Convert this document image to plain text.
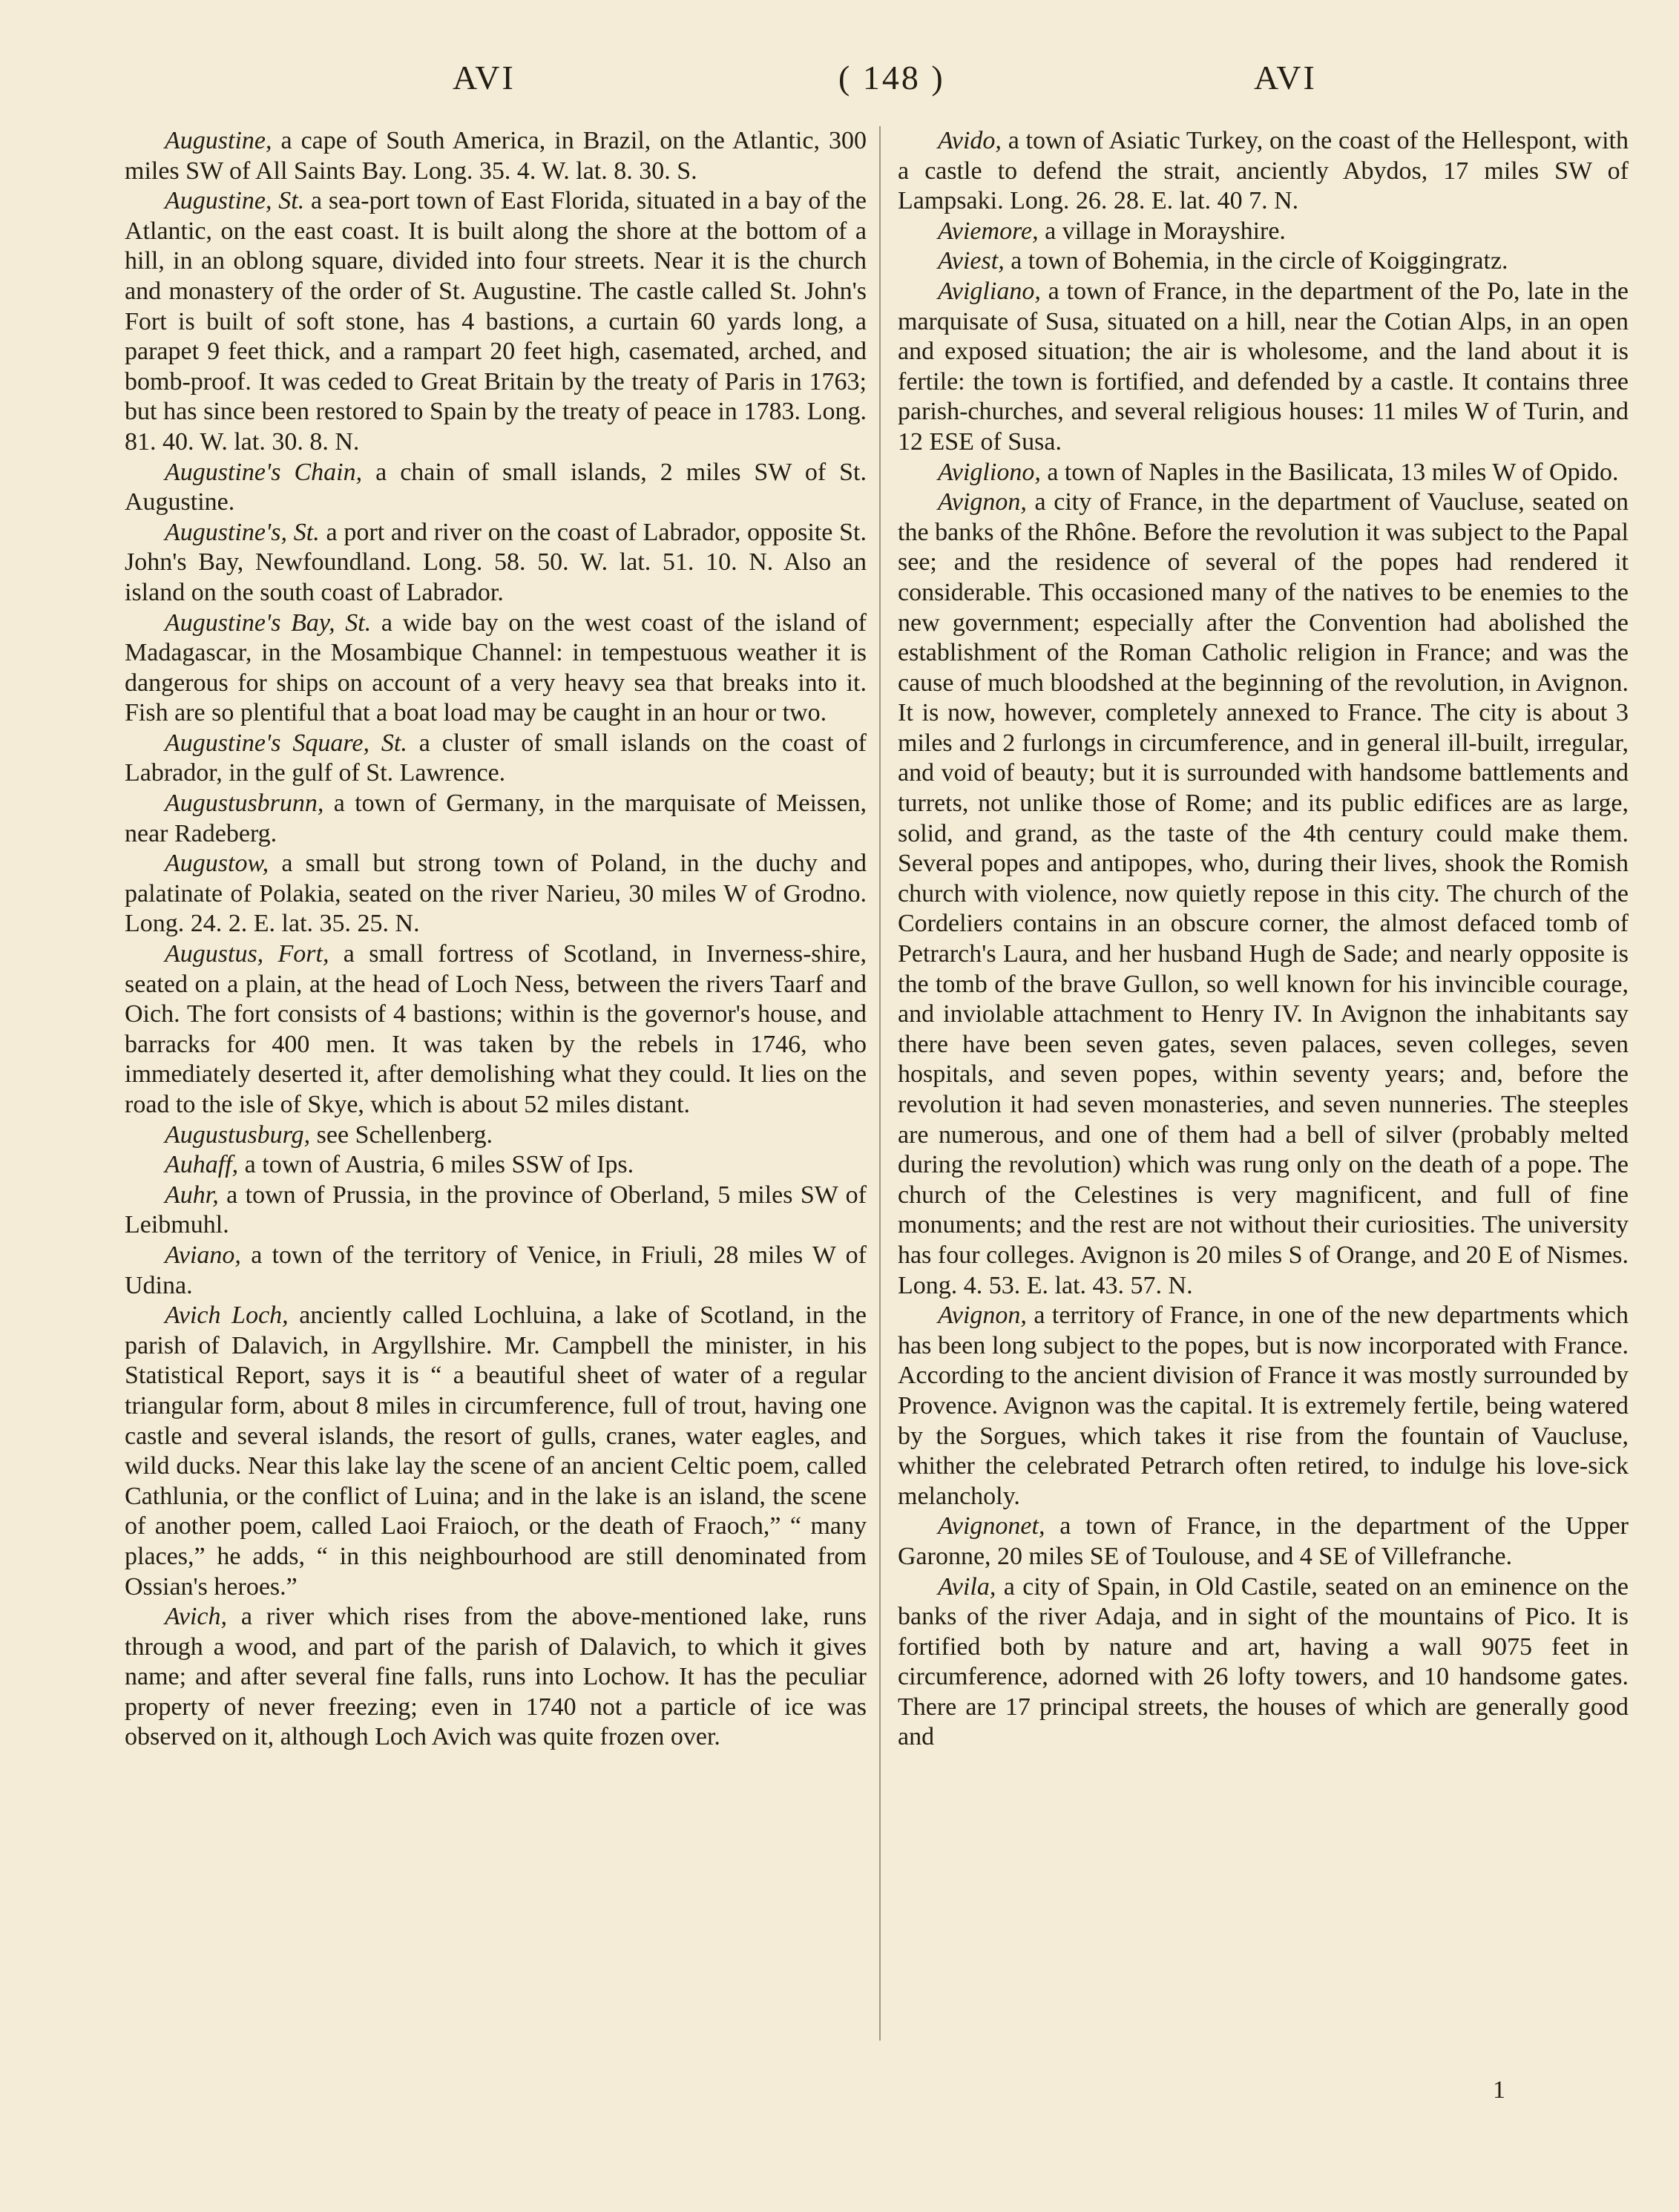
AVI	( 148 )	AVI

Augustine, a cape of South America, in Brazil, on the Atlantic, 300 miles SW of All Saints Bay. Long. 35. 4. W. lat. 8. 30. S.

Augustine, St. a sea-port town of East Florida, situated in a bay of the Atlantic, on the east coast. It is built along the shore at the bottom of a hill, in an oblong square, divided into four streets. Near it is the church and monastery of the order of St. Augustine. The castle called St. John's Fort is built of soft stone, has 4 bastions, a curtain 60 yards long, a parapet 9 feet thick, and a rampart 20 feet high, casemated, arched, and bomb-proof. It was ceded to Great Britain by the treaty of Paris in 1763; but has since been restored to Spain by the treaty of peace in 1783. Long. 81. 40. W. lat. 30. 8. N.

Augustine's Chain, a chain of small islands, 2 miles SW of St. Augustine.

Augustine's, St. a port and river on the coast of Labrador, opposite St. John's Bay, Newfoundland. Long. 58. 50. W. lat. 51. 10. N. Also an island on the south coast of Labrador.

Augustine's Bay, St. a wide bay on the west coast of the island of Madagascar, in the Mosambique Channel: in tempestuous weather it is dangerous for ships on account of a very heavy sea that breaks into it. Fish are so plentiful that a boat load may be caught in an hour or two.

Augustine's Square, St. a cluster of small islands on the coast of Labrador, in the gulf of St. Lawrence.

Augustusbrunn, a town of Germany, in the marquisate of Meissen, near Radeberg.

Augustow, a small but strong town of Poland, in the duchy and palatinate of Polakia, seated on the river Narieu, 30 miles W of Grodno. Long. 24. 2. E. lat. 35. 25. N.

Augustus, Fort, a small fortress of Scotland, in Inverness-shire, seated on a plain, at the head of Loch Ness, between the rivers Taarf and Oich. The fort consists of 4 bastions; within is the governor's house, and barracks for 400 men. It was taken by the rebels in 1746, who immediately deserted it, after demolishing what they could. It lies on the road to the isle of Skye, which is about 52 miles distant.

Augustusburg, see Schellenberg.

Auhaff, a town of Austria, 6 miles SSW of Ips.

Auhr, a town of Prussia, in the province of Oberland, 5 miles SW of Leibmuhl.

Aviano, a town of the territory of Venice, in Friuli, 28 miles W of Udina.

Avich Loch, anciently called Lochluina, a lake of Scotland, in the parish of Dalavich, in Argyllshire. Mr. Campbell the minister, in his Statistical Report, says it is “ a beautiful sheet of water of a regular triangular form, about 8 miles in circumference, full of trout, having one castle and several islands, the resort of gulls, cranes, water eagles, and wild ducks. Near this lake lay the scene of an ancient Celtic poem, called Cathlunia, or the conflict of Luina; and in the lake is an island, the scene of another poem, called Laoi Fraioch, or the death of Fraoch,” “ many places,” he adds, “ in this neighbourhood are still denominated from Ossian's heroes.”

Avich, a river which rises from the above-mentioned lake, runs through a wood, and part of the parish of Dalavich, to which it gives name; and after several fine falls, runs into Lochow. It has the peculiar property of never freezing; even in 1740 not a particle of ice was observed on it, although Loch Avich was quite frozen over.

Avido, a town of Asiatic Turkey, on the coast of the Hellespont, with a castle to defend the strait, anciently Abydos, 17 miles SW of Lampsaki. Long. 26. 28. E. lat. 40 7. N.

Aviemore, a village in Morayshire.

Aviest, a town of Bohemia, in the circle of Koiggingratz.

Avigliano, a town of France, in the department of the Po, late in the marquisate of Susa, situated on a hill, near the Cotian Alps, in an open and exposed situation; the air is wholesome, and the land about it is fertile: the town is fortified, and defended by a castle. It contains three parish-churches, and several religious houses: 11 miles W of Turin, and 12 ESE of Susa.

Avigliono, a town of Naples in the Basilicata, 13 miles W of Opido.

Avignon, a city of France, in the department of Vaucluse, seated on the banks of the Rhône. Before the revolution it was subject to the Papal see; and the residence of several of the popes had rendered it considerable. This occasioned many of the natives to be enemies to the new government; especially after the Convention had abolished the establishment of the Roman Catholic religion in France; and was the cause of much bloodshed at the beginning of the revolution, in Avignon. It is now, however, completely annexed to France. The city is about 3 miles and 2 furlongs in circumference, and in general ill-built, irregular, and void of beauty; but it is surrounded with handsome battlements and turrets, not unlike those of Rome; and its public edifices are as large, solid, and grand, as the taste of the 4th century could make them. Several popes and antipopes, who, during their lives, shook the Romish church with violence, now quietly repose in this city. The church of the Cordeliers contains in an obscure corner, the almost defaced tomb of Petrarch's Laura, and her husband Hugh de Sade; and nearly opposite is the tomb of the brave Gullon, so well known for his invincible courage, and inviolable attachment to Henry IV. In Avignon the inhabitants say there have been seven gates, seven palaces, seven colleges, seven hospitals, and seven popes, within seventy years; and, before the revolution it had seven monasteries, and seven nunneries. The steeples are numerous, and one of them had a bell of silver (probably melted during the revolution) which was rung only on the death of a pope. The church of the Celestines is very magnificent, and full of fine monuments; and the rest are not without their curiosities. The university has four colleges. Avignon is 20 miles S of Orange, and 20 E of Nismes. Long. 4. 53. E. lat. 43. 57. N.

Avignon, a territory of France, in one of the new departments which has been long subject to the popes, but is now incorporated with France. According to the ancient division of France it was mostly surrounded by Provence. Avignon was the capital. It is extremely fertile, being watered by the Sorgues, which takes it rise from the fountain of Vaucluse, whither the celebrated Petrarch often retired, to indulge his love-sick melancholy.

Avignonet, a town of France, in the department of the Upper Garonne, 20 miles SE of Toulouse, and 4 SE of Villefranche.

Avila, a city of Spain, in Old Castile, seated on an eminence on the banks of the river Adaja, and in sight of the mountains of Pico. It is fortified both by nature and art, having a wall 9075 feet in circumference, adorned with 26 lofty towers, and 10 handsome gates. There are 17 principal streets, the houses of which are generally good and

1
